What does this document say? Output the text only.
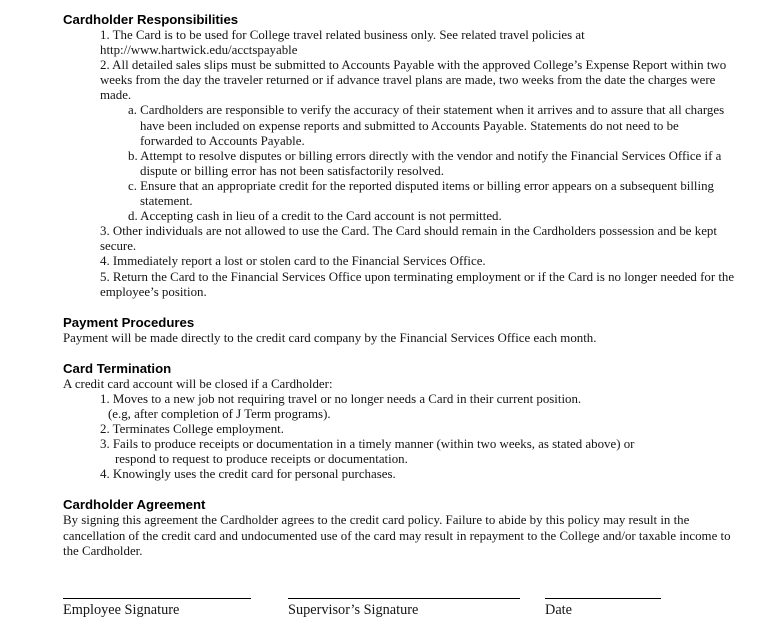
Cardholder Responsibilities

1. The Card is to be used for College travel related business only. See related travel policies at http://www.hartwick.edu/acctspayable

2. All detailed sales slips must be submitted to Accounts Payable with the approved College’s Expense Report within two weeks from the day the traveler returned or if advance travel plans are made, two weeks from the date the charges were made.

a. Cardholders are responsible to verify the accuracy of their statement when it arrives and to assure that all charges have been included on expense reports and submitted to Accounts Payable. Statements do not need to be forwarded to Accounts Payable.

b. Attempt to resolve disputes or billing errors directly with the vendor and notify the Financial Services Office if a dispute or billing error has not been satisfactorily resolved.

c. Ensure that an appropriate credit for the reported disputed items or billing error appears on a subsequent billing statement.

d. Accepting cash in lieu of a credit to the Card account is not permitted.

3. Other individuals are not allowed to use the Card. The Card should remain in the Cardholders possession and be kept secure.

4. Immediately report a lost or stolen card to the Financial Services Office.

5. Return the Card to the Financial Services Office upon terminating employment or if the Card is no longer needed for the employee’s position.

Payment Procedures

Payment will be made directly to the credit card company by the Financial Services Office each month.

Card Termination

A credit card account will be closed if a Cardholder:

1. Moves to a new job not requiring travel or no longer needs a Card in their current position.

(e.g, after completion of J Term programs).

2. Terminates College employment.

3. Fails to produce receipts or documentation in a timely manner (within two weeks, as stated above) or

respond to request to produce receipts or documentation.

4. Knowingly uses the credit card for personal purchases.

Cardholder Agreement

By signing this agreement the Cardholder agrees to the credit card policy. Failure to abide by this policy may result in the cancellation of the credit card and undocumented use of the card may result in repayment to the College and/or taxable income to the Cardholder.

Employee Signature	Supervisor’s Signature	Date
